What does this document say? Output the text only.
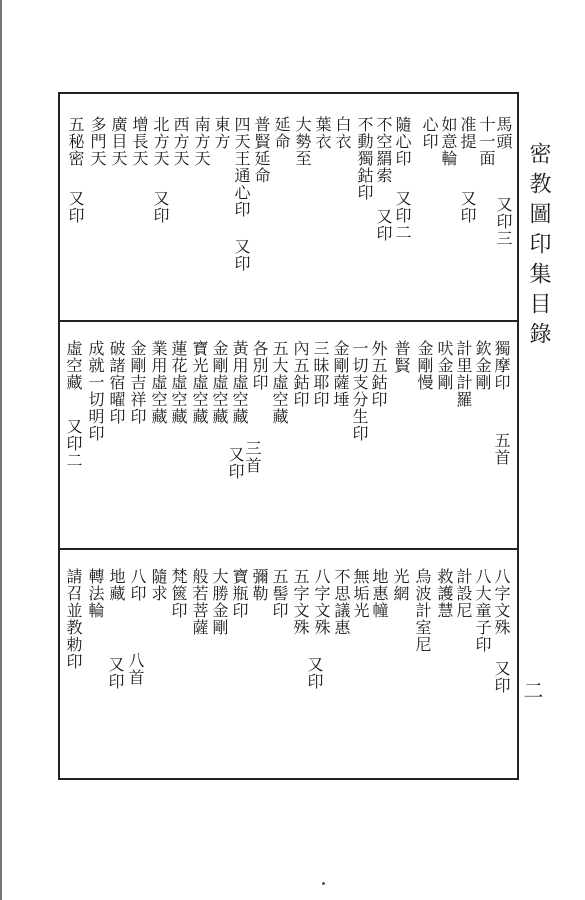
密教圖印集目錄

二

馬頭

十一面

准提

如意輪

心印

隨心印

不空羂索

不動獨鈷印

白衣

葉衣

大勢至

延命

普賢延命

四天王通心印

東方

南方天

西方天

北方天

增長天

廣目天

多門天

五秘密

又印三

又印

又印二

又印

又印

又印

又印

獨摩印

欽金剛

計里計羅

吠金剛

金剛慢

普賢

外五鈷印

一切支分生印

金剛薩埵

三昧耶印

內五鈷印

五大虛空藏

各別印

黃用虛空藏

金剛虛空藏

寶光虛空藏

蓮花虛空藏

業用虛空藏

金剛吉祥印

破諸宿曜印

成就一切明印

虛空藏

五首

三首

又印

又印二

八字文殊

八大童子印

計設尼

救護慧

烏波計室尼

光網

地惠幢

無垢光

不思議惠

八字文殊

五字文殊

五髻印

彌勒

寶瓶印

大勝金剛

般若菩薩

梵篋印

隨求

八印

地藏

轉法輪

請召並教勅印

又印

又印

八首

又印
